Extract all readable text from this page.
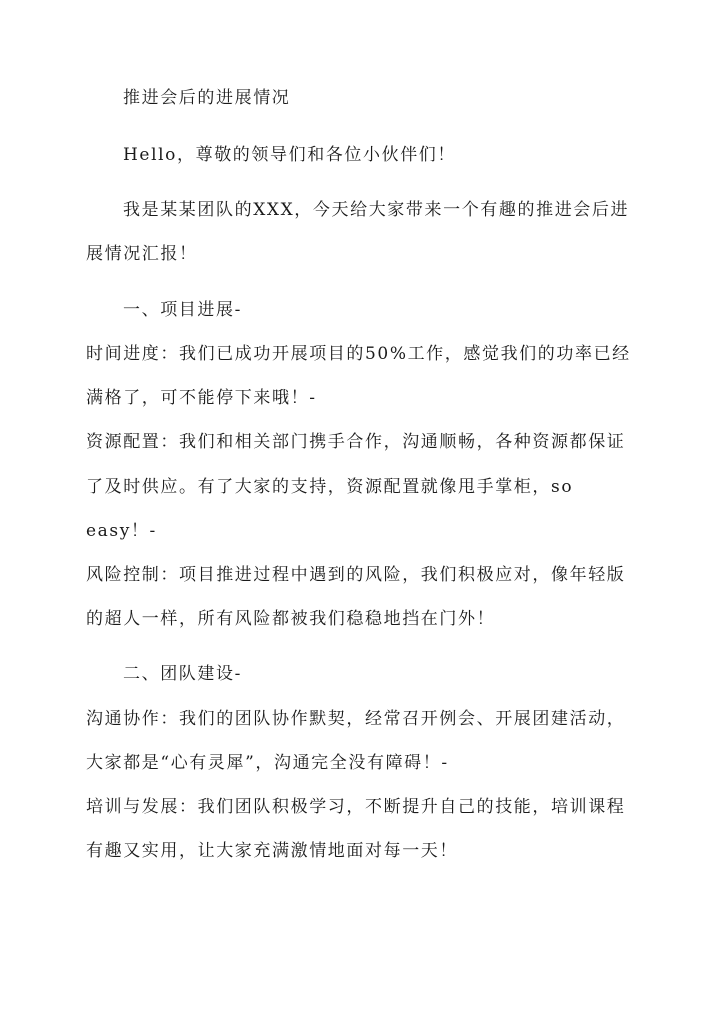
推进会后的进展情况
Hello，尊敬的领导们和各位小伙伴们！
我是某某团队的XXX，今天给大家带来一个有趣的推进会后进
展情况汇报！
一、项目进展-
时间进度：我们已成功开展项目的50%工作，感觉我们的功率已经
满格了，可不能停下来哦！-
资源配置：我们和相关部门携手合作，沟通顺畅，各种资源都保证
了及时供应。有了大家的支持，资源配置就像甩手掌柜，so
easy！-
风险控制：项目推进过程中遇到的风险，我们积极应对，像年轻版
的超人一样，所有风险都被我们稳稳地挡在门外！
二、团队建设-
沟通协作：我们的团队协作默契，经常召开例会、开展团建活动，
大家都是“心有灵犀”，沟通完全没有障碍！-
培训与发展：我们团队积极学习，不断提升自己的技能，培训课程
有趣又实用，让大家充满激情地面对每一天！
